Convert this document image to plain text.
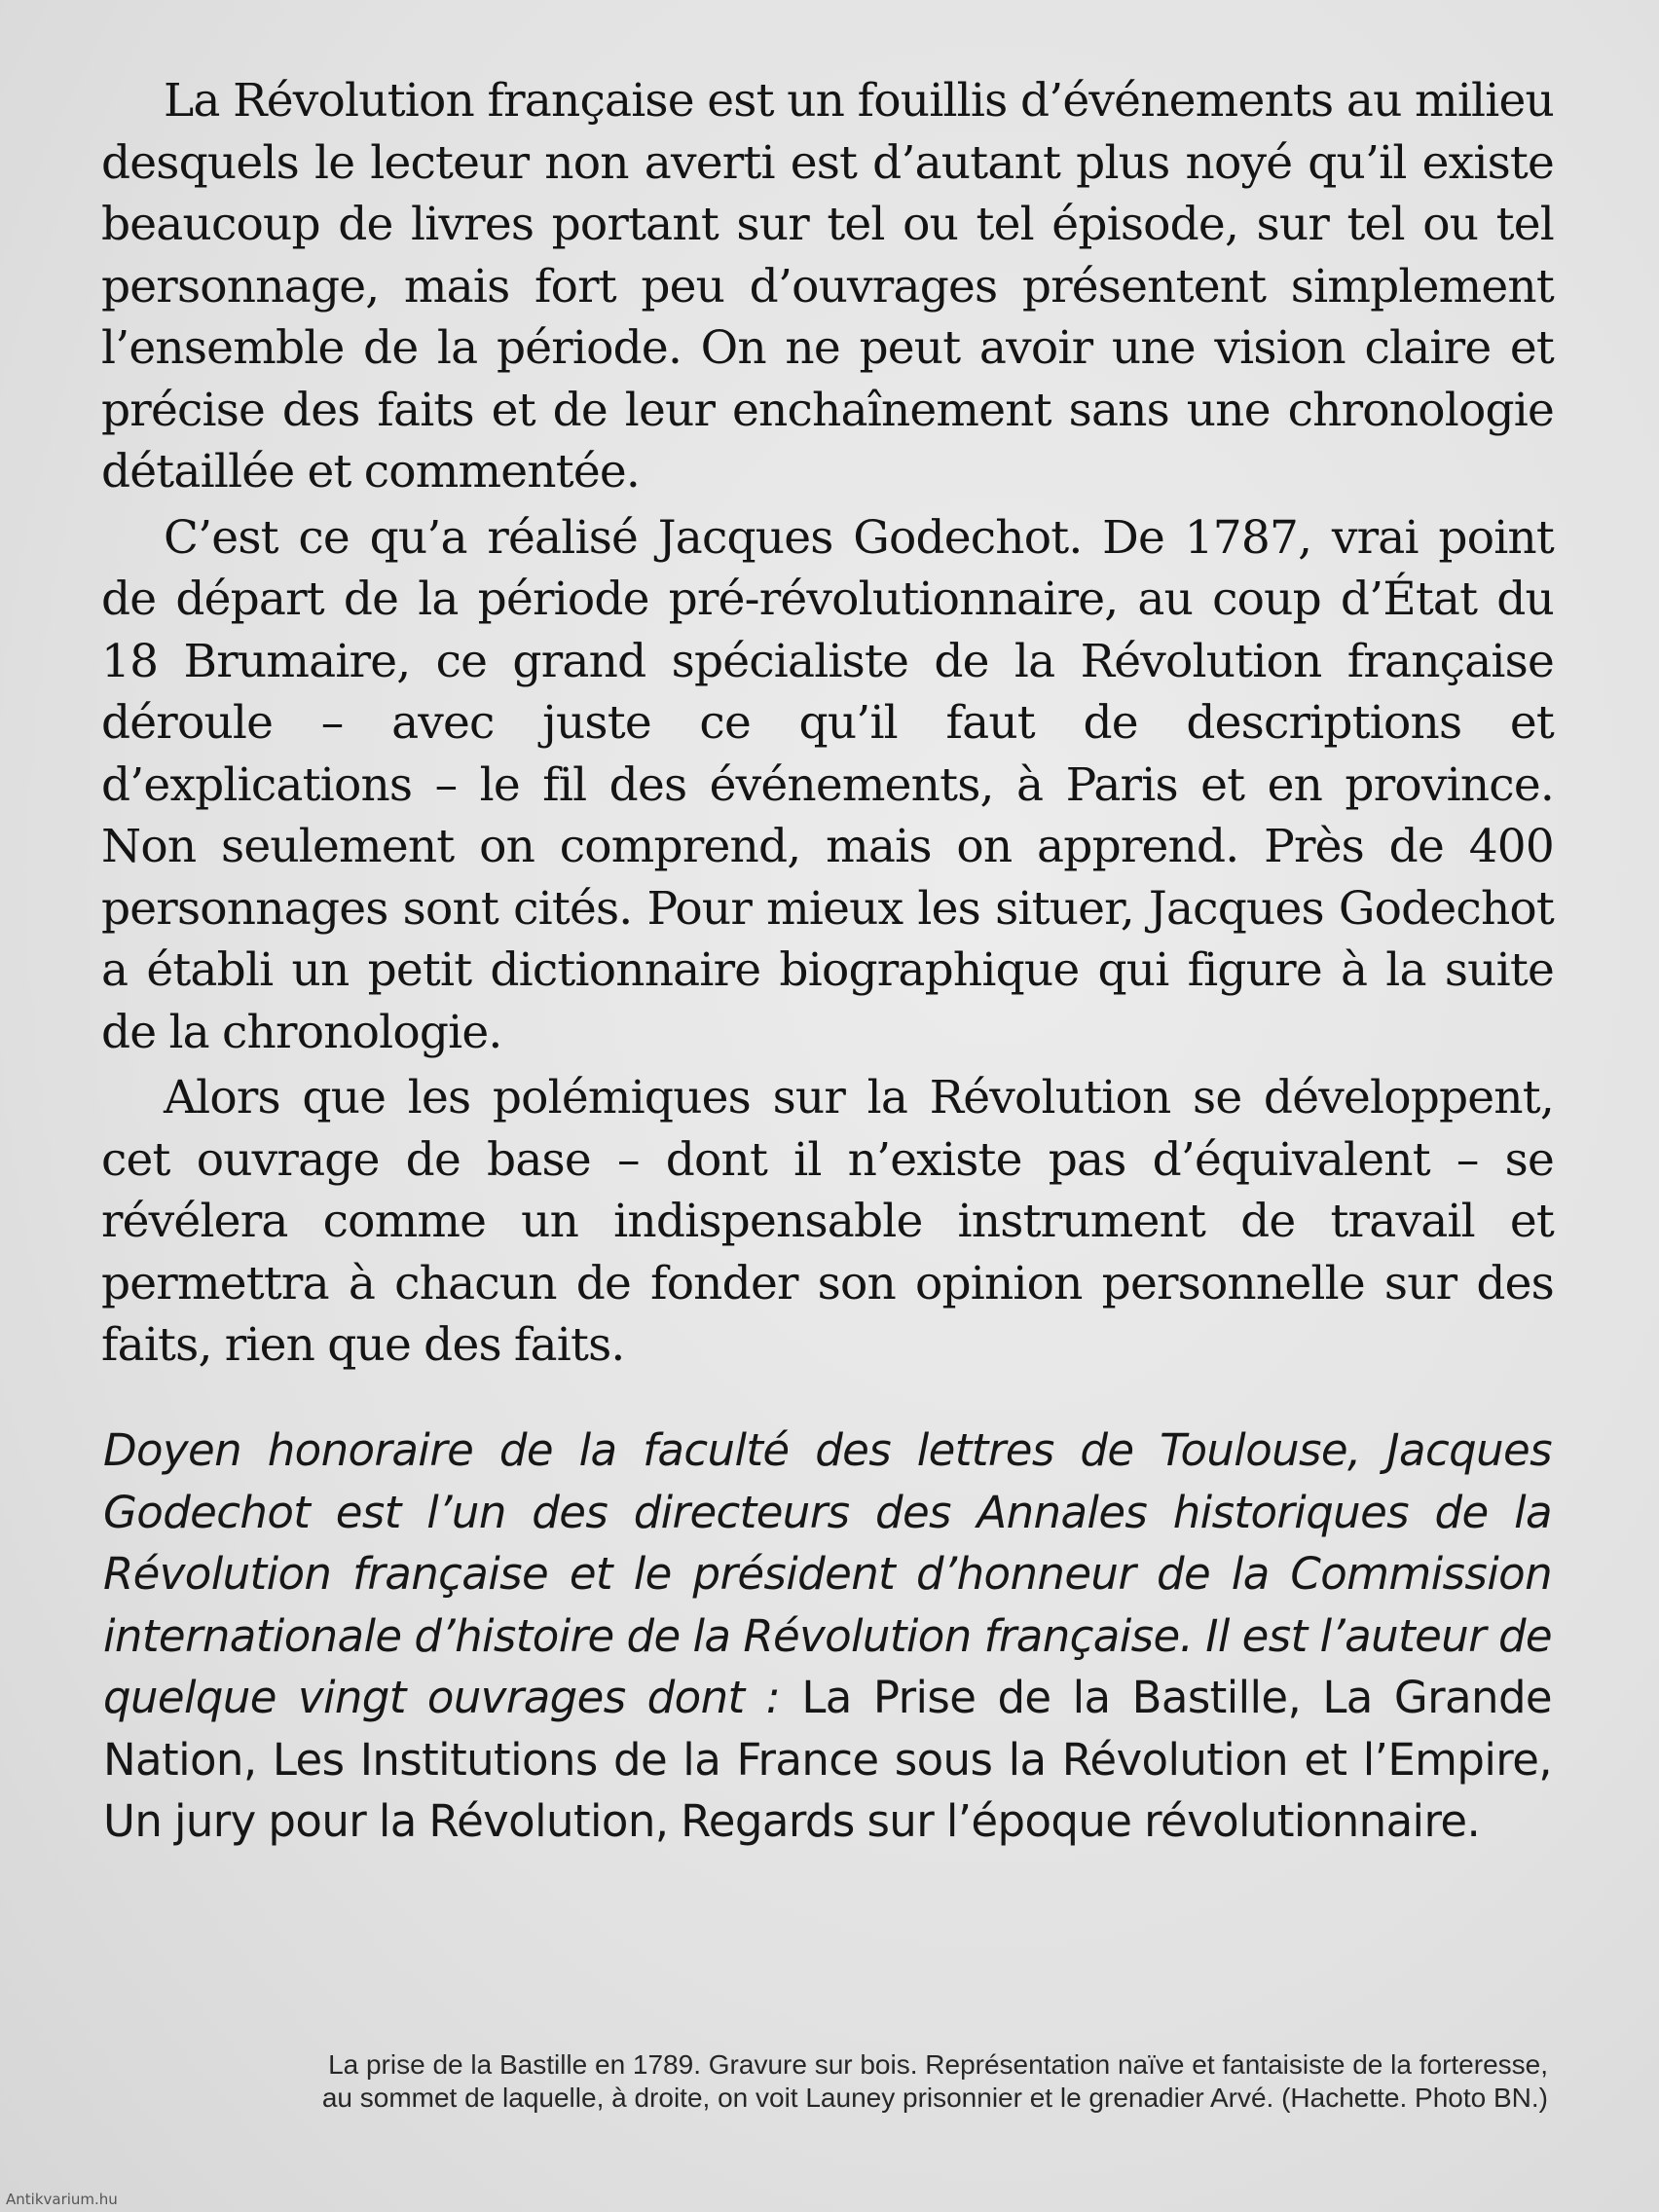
La Révolution française est un fouillis d’événements au milieu desquels le lecteur non averti est d’autant plus noyé qu’il existe beaucoup de livres portant sur tel ou tel épisode, sur tel ou tel personnage, mais fort peu d’ouvrages présentent simplement l’ensemble de la période. On ne peut avoir une vision claire et précise des faits et de leur enchaînement sans une chronologie détaillée et commentée.

C’est ce qu’a réalisé Jacques Godechot. De 1787, vrai point de départ de la période pré-révolutionnaire, au coup d’État du 18 Brumaire, ce grand spécialiste de la Révolution française déroule – avec juste ce qu’il faut de descriptions et d’explications – le fil des événements, à Paris et en province. Non seulement on comprend, mais on apprend. Près de 400 personnages sont cités. Pour mieux les situer, Jacques Godechot a établi un petit dictionnaire biographique qui figure à la suite de la chronologie.

Alors que les polémiques sur la Révolution se développent, cet ouvrage de base – dont il n’existe pas d’équivalent – se révélera comme un indispensable instrument de travail et permettra à chacun de fonder son opinion personnelle sur des faits, rien que des faits.

Doyen honoraire de la faculté des lettres de Toulouse, Jacques Godechot est l’un des directeurs des Annales historiques de la Révolution française et le président d’honneur de la Commission internationale d’histoire de la Révolution française. Il est l’auteur de quelque vingt ouvrages dont : La Prise de la Bastille, La Grande Nation, Les Institutions de la France sous la Révolution et l’Empire, Un jury pour la Révolution, Regards sur l’époque révolutionnaire.

La prise de la Bastille en 1789. Gravure sur bois. Représentation naïve et fantaisiste de la forteresse,
au sommet de laquelle, à droite, on voit Launey prisonnier et le grenadier Arvé. (Hachette. Photo BN.)

Antikvarium.hu
